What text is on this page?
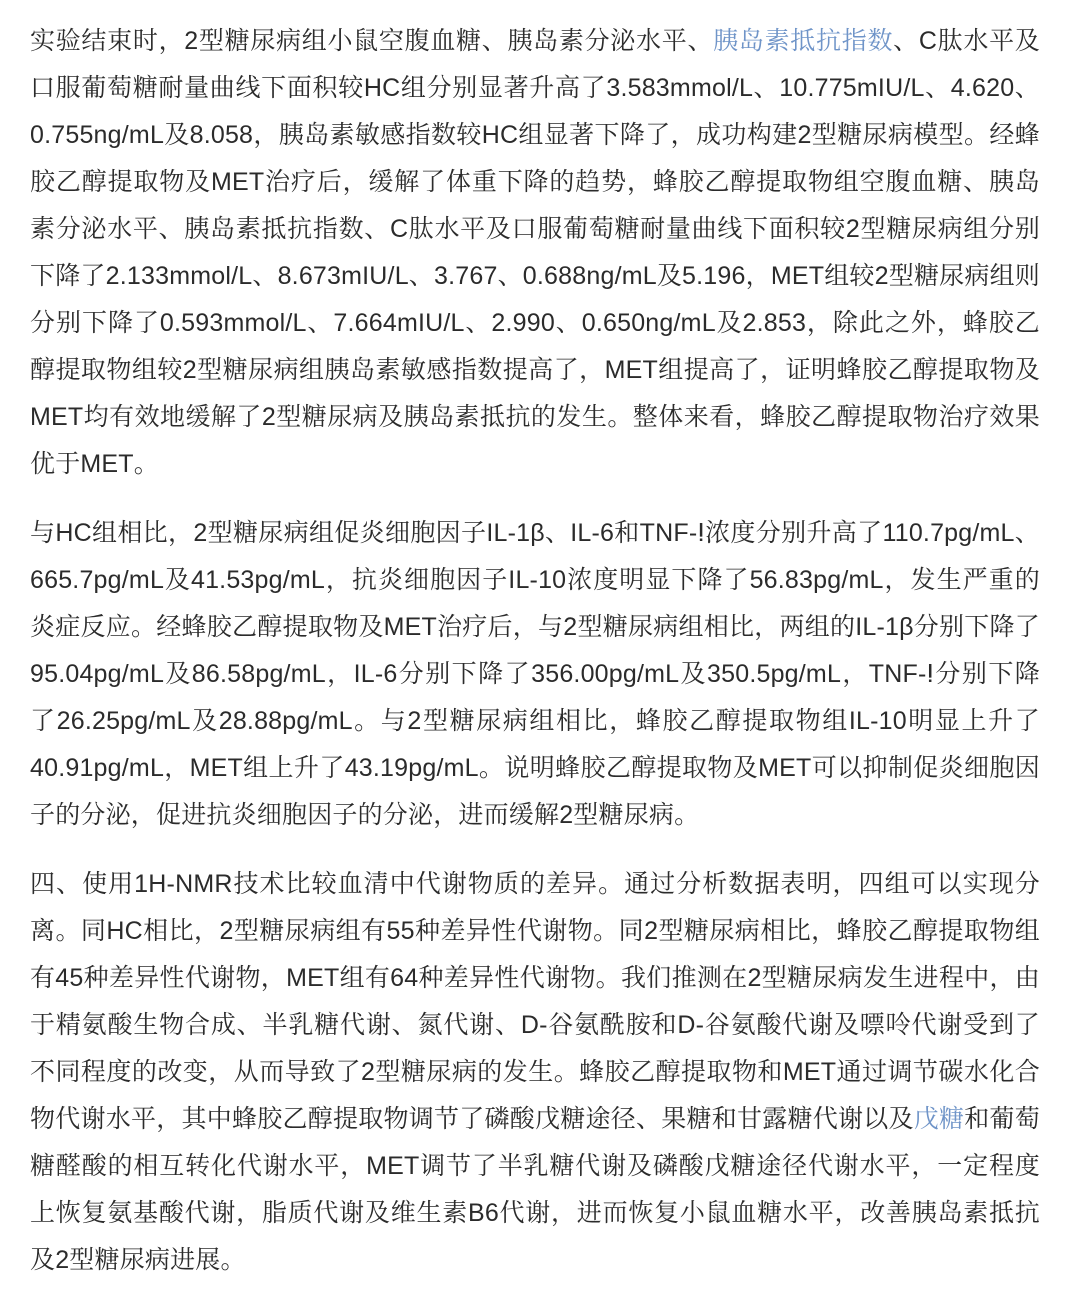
实验结束时，2型糖尿病组小鼠空腹血糖、胰岛素分泌水平、胰岛素抵抗指数、C肽水平及口服葡萄糖耐量曲线下面积较HC组分别显著升高了3.583mmol/L、10.775mIU/L、4.620、0.755ng/mL及8.058，胰岛素敏感指数较HC组显著下降了，成功构建2型糖尿病模型。经蜂胶乙醇提取物及MET治疗后，缓解了体重下降的趋势，蜂胶乙醇提取物组空腹血糖、胰岛素分泌水平、胰岛素抵抗指数、C肽水平及口服葡萄糖耐量曲线下面积较2型糖尿病组分别下降了2.133mmol/L、8.673mIU/L、3.767、0.688ng/mL及5.196，MET组较2型糖尿病组则分别下降了0.593mmol/L、7.664mIU/L、2.990、0.650ng/mL及2.853，除此之外，蜂胶乙醇提取物组较2型糖尿病组胰岛素敏感指数提高了，MET组提高了，证明蜂胶乙醇提取物及MET均有效地缓解了2型糖尿病及胰岛素抵抗的发生。整体来看，蜂胶乙醇提取物治疗效果优于MET。

与HC组相比，2型糖尿病组促炎细胞因子IL-1β、IL-6和TNF-ⵑ浓度分别升高了110.7pg/mL、665.7pg/mL及41.53pg/mL，抗炎细胞因子IL-10浓度明显下降了56.83pg/mL，发生严重的炎症反应。经蜂胶乙醇提取物及MET治疗后，与2型糖尿病组相比，两组的IL-1β分别下降了95.04pg/mL及86.58pg/mL，IL-6分别下降了356.00pg/mL及350.5pg/mL，TNF-ⵑ分别下降了26.25pg/mL及28.88pg/mL。与2型糖尿病组相比，蜂胶乙醇提取物组IL-10明显上升了40.91pg/mL，MET组上升了43.19pg/mL。说明蜂胶乙醇提取物及MET可以抑制促炎细胞因子的分泌，促进抗炎细胞因子的分泌，进而缓解2型糖尿病。

四、使用1H-NMR技术比较血清中代谢物质的差异。通过分析数据表明，四组可以实现分离。同HC相比，2型糖尿病组有55种差异性代谢物。同2型糖尿病相比，蜂胶乙醇提取物组有45种差异性代谢物，MET组有64种差异性代谢物。我们推测在2型糖尿病发生进程中，由于精氨酸生物合成、半乳糖代谢、氮代谢、D-谷氨酰胺和D-谷氨酸代谢及嘌呤代谢受到了不同程度的改变，从而导致了2型糖尿病的发生。蜂胶乙醇提取物和MET通过调节碳水化合物代谢水平，其中蜂胶乙醇提取物调节了磷酸戊糖途径、果糖和甘露糖代谢以及戊糖和葡萄糖醛酸的相互转化代谢水平，MET调节了半乳糖代谢及磷酸戊糖途径代谢水平，一定程度上恢复氨基酸代谢，脂质代谢及维生素B6代谢，进而恢复小鼠血糖水平，改善胰岛素抵抗及2型糖尿病进展。
